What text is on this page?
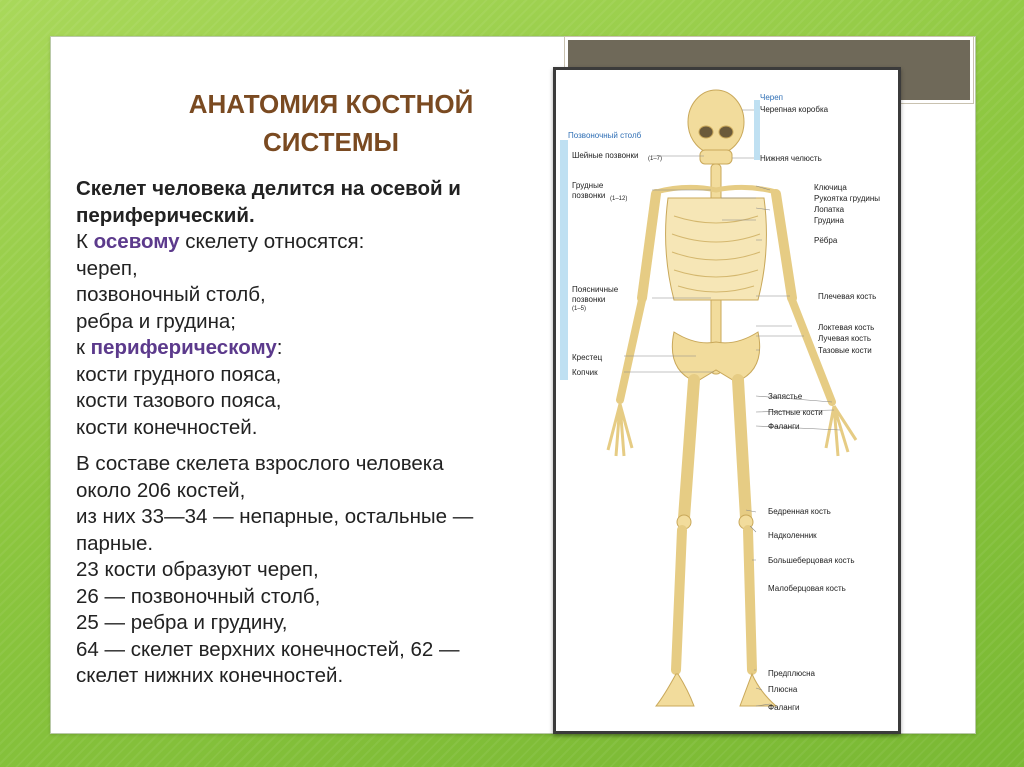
АНАТОМИЯ КОСТНОЙ
СИСТЕМЫ
Скелет человека делится на осевой и
периферический.
К осевому скелету относятся:
череп,
позвоночный столб,
ребра и грудина;
к периферическому:
кости грудного пояса,
кости тазового пояса,
кости конечностей.
В составе скелета взрослого человека
около 206 костей,
из них 33—34 — непарные, остальные —
парные.
23 кости образуют череп,
26 — позвоночный столб,
25 — ребра и грудину,
64 — скелет верхних конечностей, 62 —
скелет нижних конечностей.
Позвоночный столб
Шейные позвонки (1–7)
Грудные
позвонки (1–12)
Поясничные
позвонки
(1–5)
Крестец
Копчик
Череп
Черепная коробка
Нижняя челюсть
Ключица
Рукоятка грудины
Лопатка
Грудина
Рёбра
Плечевая кость
Локтевая кость
Лучевая кость
Тазовые кости
Запястье
Пястные кости
Фаланги
Бедренная кость
Надколенник
Большеберцовая кость
Малоберцовая кость
Предплюсна
Плюсна
Фаланги
